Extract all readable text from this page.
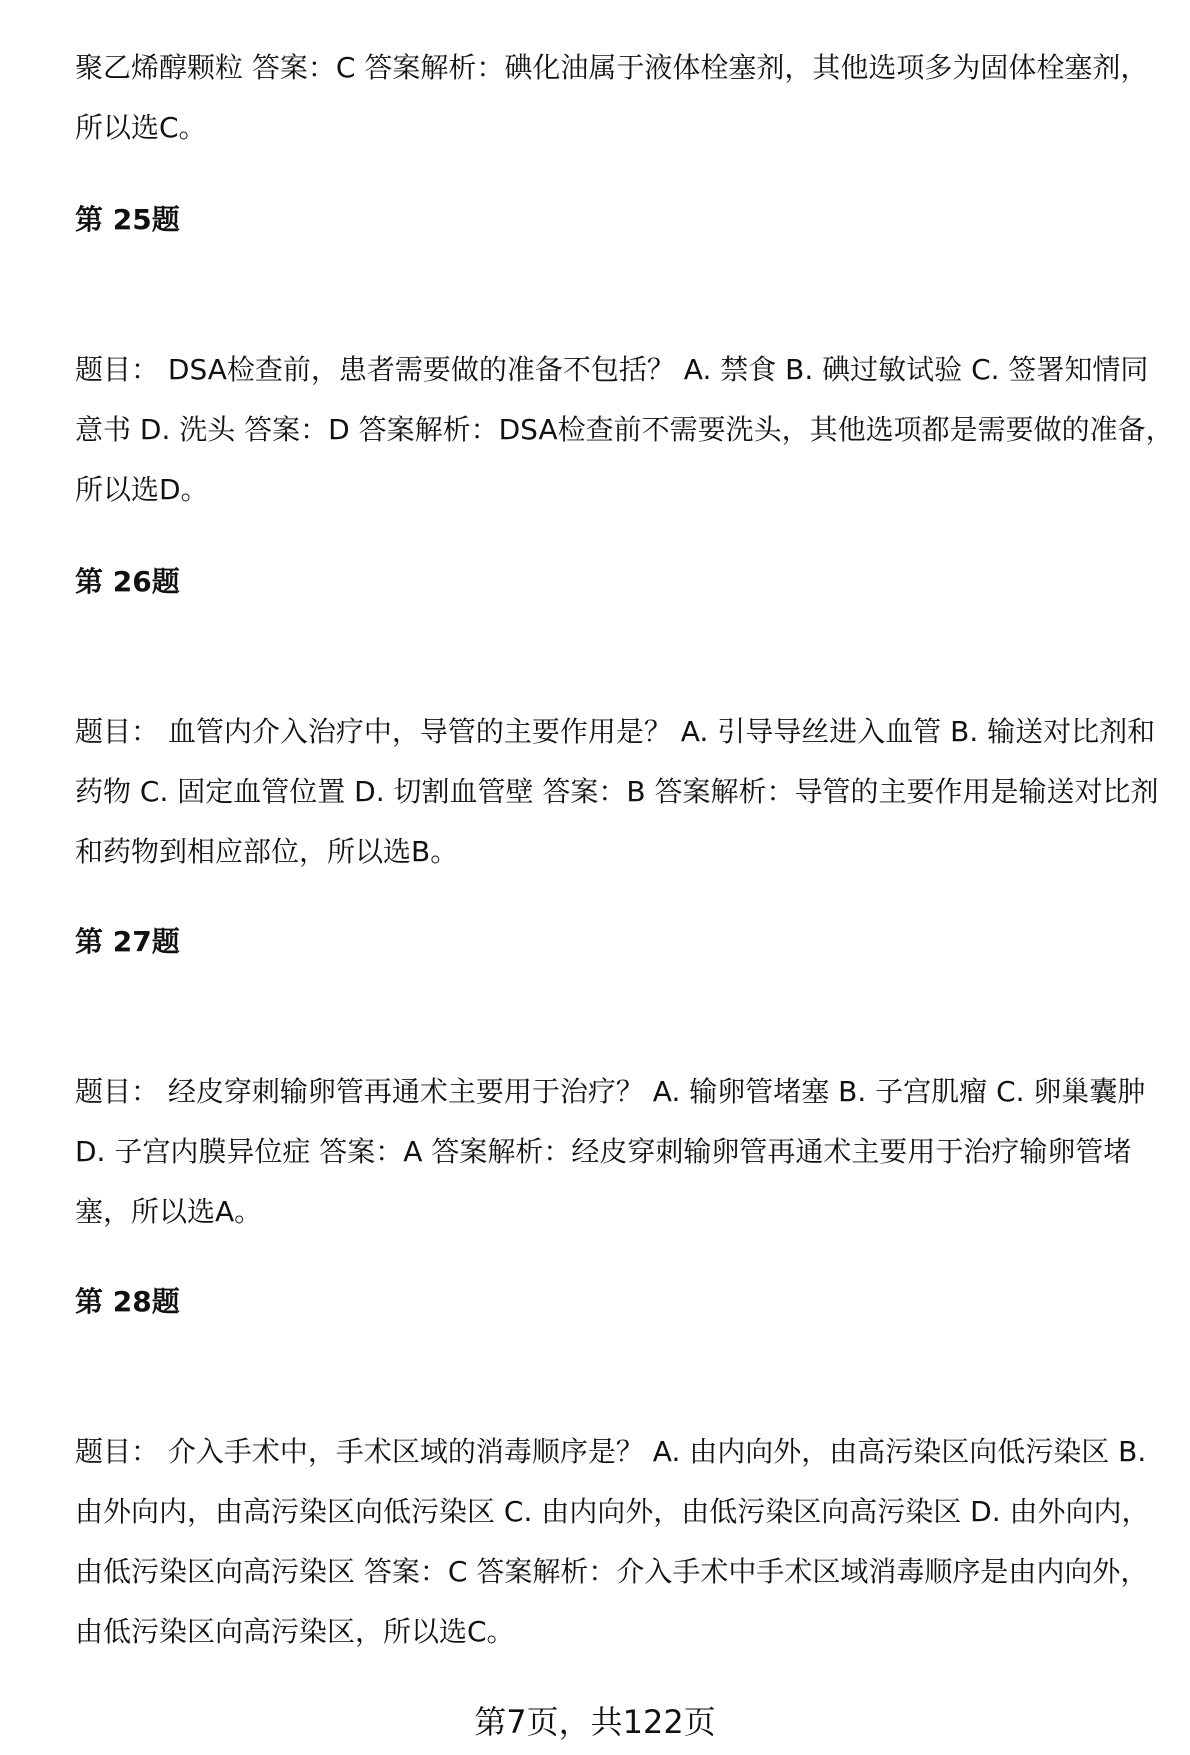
聚乙烯醇颗粒 答案：C 答案解析：碘化油属于液体栓塞剂，其他选项多为固体栓塞剂，所以选C。

第 25题

题目： DSA检查前，患者需要做的准备不包括？ A. 禁食 B. 碘过敏试验 C. 签署知情同意书 D. 洗头 答案：D 答案解析：DSA检查前不需要洗头，其他选项都是需要做的准备，所以选D。

第 26题

题目： 血管内介入治疗中，导管的主要作用是？ A. 引导导丝进入血管 B. 输送对比剂和药物 C. 固定血管位置 D. 切割血管壁 答案：B 答案解析：导管的主要作用是输送对比剂和药物到相应部位，所以选B。

第 27题

题目： 经皮穿刺输卵管再通术主要用于治疗？ A. 输卵管堵塞 B. 子宫肌瘤 C. 卵巢囊肿 D. 子宫内膜异位症 答案：A 答案解析：经皮穿刺输卵管再通术主要用于治疗输卵管堵塞，所以选A。

第 28题

题目： 介入手术中，手术区域的消毒顺序是？ A. 由内向外，由高污染区向低污染区 B. 由外向内，由高污染区向低污染区 C. 由内向外，由低污染区向高污染区 D. 由外向内，由低污染区向高污染区 答案：C 答案解析：介入手术中手术区域消毒顺序是由内向外，由低污染区向高污染区，所以选C。

第7页，共122页
